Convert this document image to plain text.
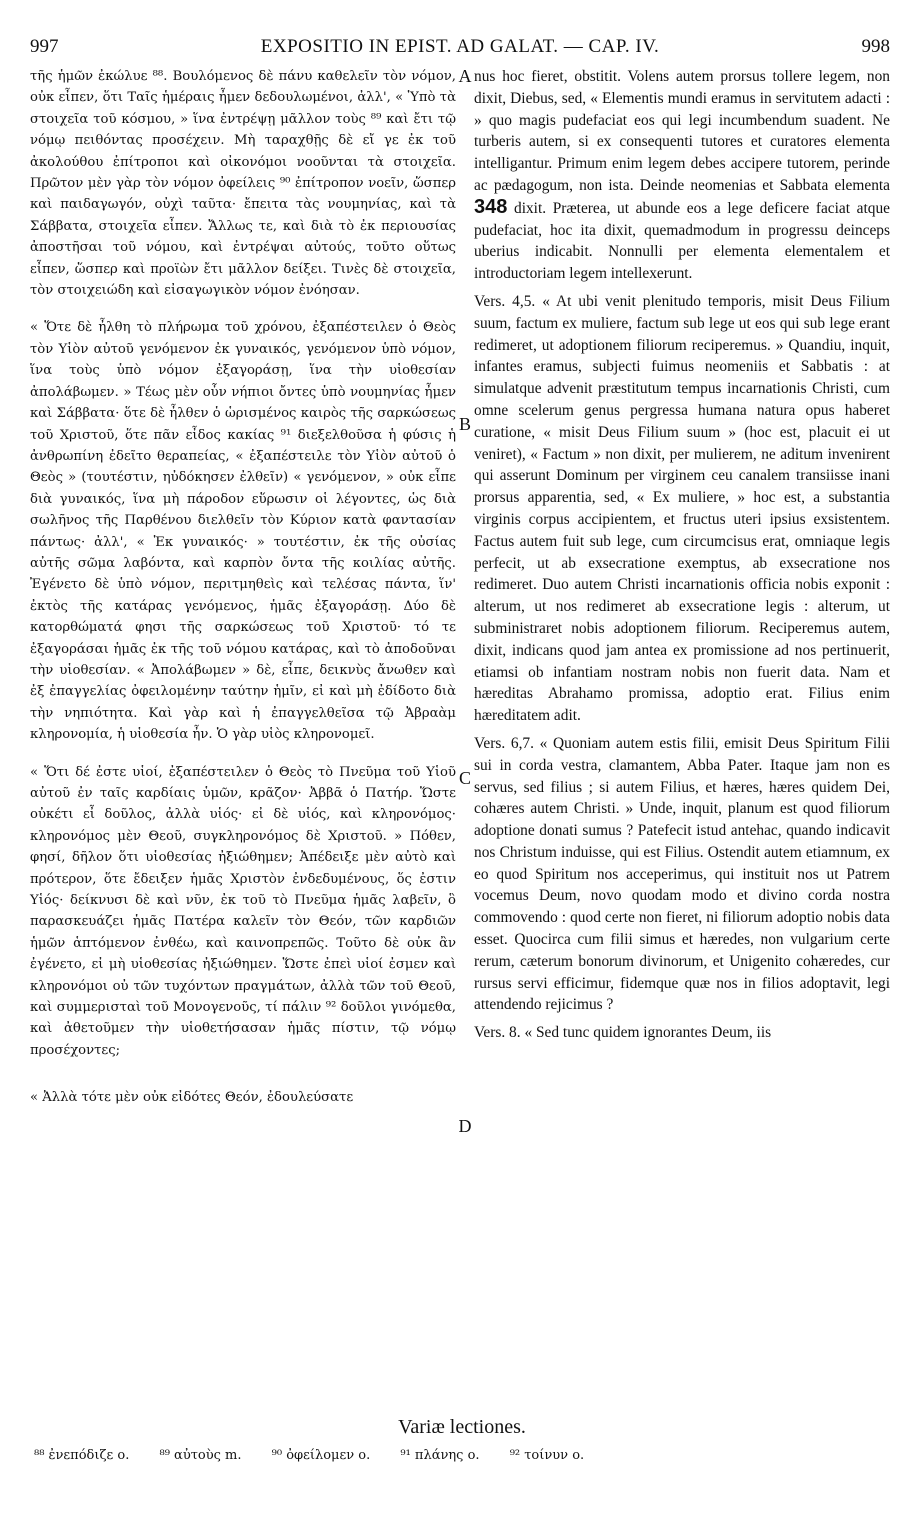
997	EXPOSITIO IN EPIST. AD GALAT. — CAP. IV.	998

τῆς ἡμῶν ἐκώλυε ⁸⁸. Βουλόμενος δὲ πάνυ καθελεῖν τὸν νόμον, οὐκ εἶπεν, ὅτι Ταῖς ἡμέραις ἦμεν δεδουλωμένοι, ἀλλ', « Ὑπὸ τὰ στοιχεῖα τοῦ κόσμου, » ἵνα ἐντρέψῃ μᾶλλον τοὺς ⁸⁹ καὶ ἔτι τῷ νόμῳ πειθόντας προσέχειν. Μὴ ταραχθῇς δὲ εἴ γε ἐκ τοῦ ἀκολούθου ἐπίτροποι καὶ οἰκονόμοι νοοῦνται τὰ στοιχεῖα. Πρῶτον μὲν γὰρ τὸν νόμον ὀφείλεις ⁹⁰ ἐπίτροπον νοεῖν, ὥσπερ καὶ παιδαγωγόν, οὐχὶ ταῦτα· ἔπειτα τὰς νουμηνίας, καὶ τὰ Σάββατα, στοιχεῖα εἶπεν. Ἄλλως τε, καὶ διὰ τὸ ἐκ περιουσίας ἀποστῆσαι τοῦ νόμου, καὶ ἐντρέψαι αὐτούς, τοῦτο οὕτως εἶπεν, ὥσπερ καὶ προϊὼν ἔτι μᾶλλον δείξει. Τινὲς δὲ στοιχεῖα, τὸν στοιχειώδη καὶ εἰσαγωγικὸν νόμον ἐνόησαν.

« Ὅτε δὲ ἦλθη τὸ πλήρωμα τοῦ χρόνου, ἐξαπέστειλεν ὁ Θεὸς τὸν Υἱὸν αὐτοῦ γενόμενον ἐκ γυναικός, γενόμενον ὑπὸ νόμον, ἵνα τοὺς ὑπὸ νόμον ἐξαγοράσῃ, ἵνα τὴν υἱοθεσίαν ἀπολάβωμεν. » Τέως μὲν οὖν νήπιοι ὄντες ὑπὸ νουμηνίας ἦμεν καὶ Σάββατα· ὅτε δὲ ἦλθεν ὁ ὡρισμένος καιρὸς τῆς σαρκώσεως τοῦ Χριστοῦ, ὅτε πᾶν εἶδος κακίας ⁹¹ διεξελθοῦσα ἡ φύσις ἡ ἀνθρωπίνη ἐδεῖτο θεραπείας, « ἐξαπέστειλε τὸν Υἱὸν αὐτοῦ ὁ Θεὸς » (τουτέστιν, ηὐδόκησεν ἐλθεῖν) « γενόμενον, » οὐκ εἶπε διὰ γυναικός, ἵνα μὴ πάροδον εὕρωσιν οἱ λέγοντες, ὡς διὰ σωλῆνος τῆς Παρθένου διελθεῖν τὸν Κύριον κατὰ φαντασίαν πάντως· ἀλλ', « Ἐκ γυναικός· » τουτέστιν, ἐκ τῆς οὐσίας αὐτῆς σῶμα λαβόντα, καὶ καρπὸν ὄντα τῆς κοιλίας αὐτῆς. Ἐγένετο δὲ ὑπὸ νόμον, περιτμηθεὶς καὶ τελέσας πάντα, ἵν' ἐκτὸς τῆς κατάρας γενόμενος, ἡμᾶς ἐξαγοράσῃ. Δύο δὲ κατορθώματά φησι τῆς σαρκώσεως τοῦ Χριστοῦ· τό τε ἐξαγοράσαι ἡμᾶς ἐκ τῆς τοῦ νόμου κατάρας, καὶ τὸ ἀποδοῦναι τὴν υἱοθεσίαν. « Ἀπολάβωμεν » δὲ, εἶπε, δεικνὺς ἄνωθεν καὶ ἐξ ἐπαγγελίας ὀφειλομένην ταύτην ἡμῖν, εἰ καὶ μὴ ἐδίδοτο διὰ τὴν νηπιότητα. Καὶ γὰρ καὶ ἡ ἐπαγγελθεῖσα τῷ Ἀβραὰμ κληρονομία, ἡ υἱοθεσία ἦν. Ὁ γὰρ υἱὸς κληρονομεῖ.

« Ὅτι δέ ἐστε υἱοί, ἐξαπέστειλεν ὁ Θεὸς τὸ Πνεῦμα τοῦ Υἱοῦ αὐτοῦ ἐν ταῖς καρδίαις ὑμῶν, κρᾶζον· Ἀββᾶ ὁ Πατήρ. Ὥστε οὐκέτι εἶ δοῦλος, ἀλλὰ υἱός· εἰ δὲ υἱός, καὶ κληρονόμος· κληρονόμος μὲν Θεοῦ, συγκληρονόμος δὲ Χριστοῦ. » Πόθεν, φησί, δῆλον ὅτι υἱοθεσίας ἠξιώθημεν; Ἀπέδειξε μὲν αὐτὸ καὶ πρότερον, ὅτε ἔδειξεν ἡμᾶς Χριστὸν ἐνδεδυμένους, ὅς ἐστιν Υἱός· δείκνυσι δὲ καὶ νῦν, ἐκ τοῦ τὸ Πνεῦμα ἡμᾶς λαβεῖν, ὃ παρασκευάζει ἡμᾶς Πατέρα καλεῖν τὸν Θεόν, τῶν καρδιῶν ἡμῶν ἁπτόμενον ἐνθέω, καὶ καινοπρεπῶς. Τοῦτο δὲ οὐκ ἂν ἐγένετο, εἰ μὴ υἱοθεσίας ἠξιώθημεν. Ὥστε ἐπεὶ υἱοί ἐσμεν καὶ κληρονόμοι οὐ τῶν τυχόντων πραγμάτων, ἀλλὰ τῶν τοῦ Θεοῦ, καὶ συμμερισταὶ τοῦ Μονογενοῦς, τί πάλιν ⁹² δοῦλοι γινόμεθα, καὶ ἀθετοῦμεν τὴν υἱοθετήσασαν ἡμᾶς πίστιν, τῷ νόμῳ προσέχοντες;

« Ἀλλὰ τότε μὲν οὐκ εἰδότες Θεόν, ἐδουλεύσατε

A
B
C
D

nus hoc fieret, obstitit. Volens autem prorsus tollere legem, non dixit, Diebus, sed, « Elementis mundi eramus in servitutem adacti : » quo magis pudefaciat eos qui legi incumbendum suadent. Ne turberis autem, si ex consequenti tutores et curatores elementa intelligantur. Primum enim legem debes accipere tutorem, perinde ac pædagogum, non ista. Deinde neomenias et Sabbata elementa 348 dixit. Præterea, ut abunde eos a lege deficere faciat atque pudefaciat, hoc ita dixit, quemadmodum in progressu deinceps uberius indicabit. Nonnulli per elementa elementalem et introductoriam legem intellexerunt.

Vers. 4,5. « At ubi venit plenitudo temporis, misit Deus Filium suum, factum ex muliere, factum sub lege ut eos qui sub lege erant redimeret, ut adoptionem filiorum reciperemus. » Quandiu, inquit, infantes eramus, subjecti fuimus neomeniis et Sabbatis : at simulatque advenit præstitutum tempus incarnationis Christi, cum omne scelerum genus pergressa humana natura opus haberet curatione, « misit Deus Filium suum » (hoc est, placuit ei ut veniret), « Factum » non dixit, per mulierem, ne aditum invenirent qui asserunt Dominum per virginem ceu canalem transiisse inani prorsus apparentia, sed, « Ex muliere, » hoc est, a substantia virginis corpus accipientem, et fructus uteri ipsius exsistentem. Factus autem fuit sub lege, cum circumcisus erat, omniaque legis perfecit, ut ab exsecratione exemptus, ab exsecratione nos redimeret. Duo autem Christi incarnationis officia nobis exponit : alterum, ut nos redimeret ab exsecratione legis : alterum, ut subministraret nobis adoptionem filiorum. Reciperemus autem, dixit, indicans quod jam antea ex promissione ad nos pertinuerit, etiamsi ob infantiam nostram nobis non fuerit data. Nam et hæreditas Abrahamo promissa, adoptio erat. Filius enim hæreditatem adit.

Vers. 6,7. « Quoniam autem estis filii, emisit Deus Spiritum Filii sui in corda vestra, clamantem, Abba Pater. Itaque jam non es servus, sed filius ; si autem Filius, et hæres, hæres quidem Dei, cohæres autem Christi. » Unde, inquit, planum est quod filiorum adoptione donati sumus ? Patefecit istud antehac, quando indicavit nos Christum induisse, qui est Filius. Ostendit autem etiamnum, ex eo quod Spiritum nos acceperimus, qui instituit nos ut Patrem vocemus Deum, novo quodam modo et divino corda nostra commovendo : quod certe non fieret, ni filiorum adoptio nobis data esset. Quocirca cum filii simus et hæredes, non vulgarium certe rerum, cæterum bonorum divinorum, et Unigenito cohæredes, cur rursus servi efficimur, fidemque quæ nos in filios adoptavit, legi attendendo rejicimus ?

Vers. 8. « Sed tunc quidem ignorantes Deum, iis

Variæ lectiones.
⁸⁸ ἐνεπόδιζε ο. ⁸⁹ αὐτοὺς m. ⁹⁰ ὀφείλομεν ο. ⁹¹ πλάνης ο. ⁹² τοίνυν ο.
